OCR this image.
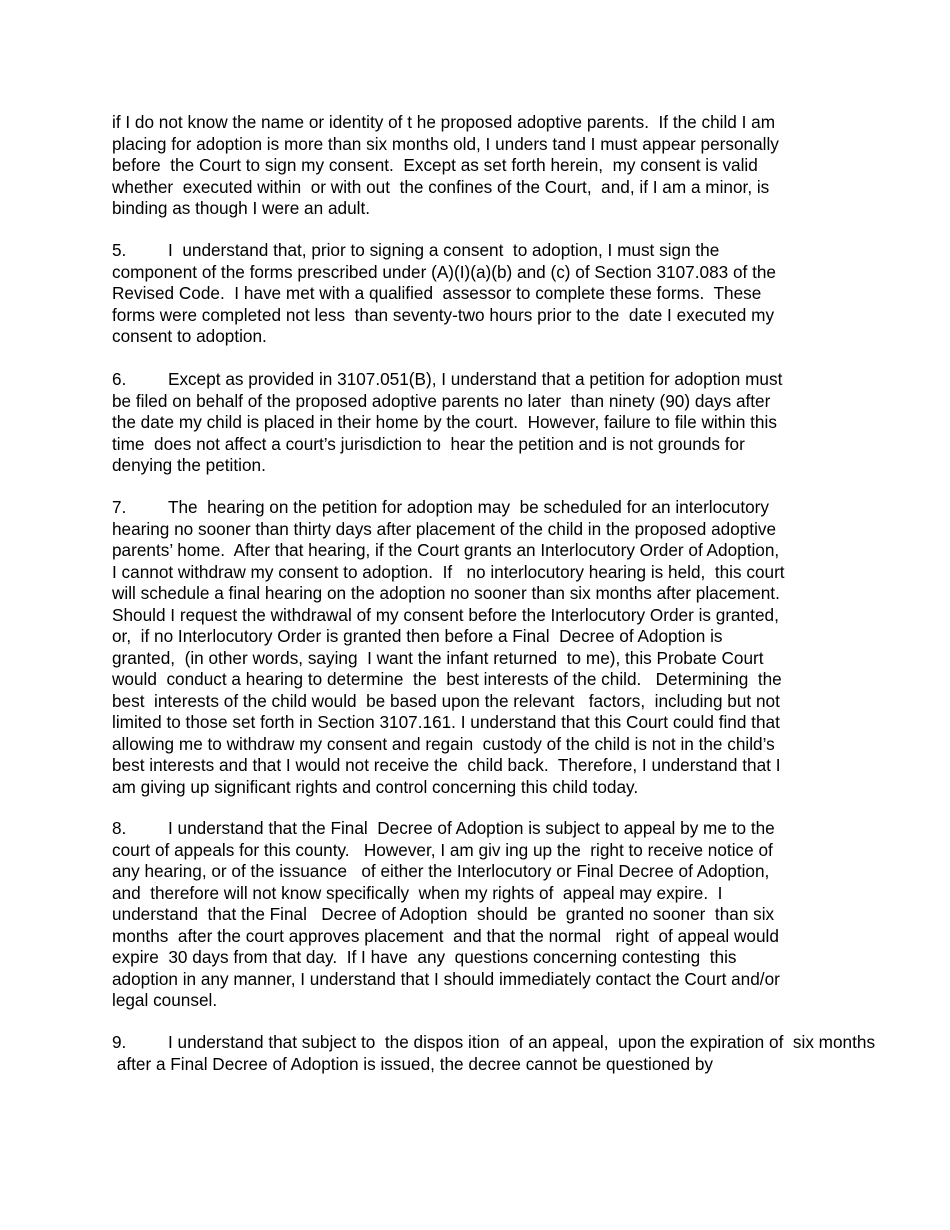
if I do not know the name or identity of t he proposed adoptive parents.  If the child I am
placing for adoption is more than six months old, I unders tand I must appear personally
before  the Court to sign my consent.  Except as set forth herein,  my consent is valid
whether  executed within  or with out  the confines of the Court,  and, if I am a minor, is
binding as though I were an adult.
5. I  understand that, prior to signing a consent  to adoption, I must sign the
component of the forms prescribed under (A)(I)(a)(b) and (c) of Section 3107.083 of the
Revised Code.  I have met with a qualified  assessor to complete these forms.  These
forms were completed not less  than seventy-two hours prior to the  date I executed my
consent to adoption.
6. Except as provided in 3107.051(B), I understand that a petition for adoption must
be filed on behalf of the proposed adoptive parents no later  than ninety (90) days after
the date my child is placed in their home by the court.  However, failure to file within this
time  does not affect a court’s jurisdiction to  hear the petition and is not grounds for
denying the petition.
7. The  hearing on the petition for adoption may  be scheduled for an interlocutory
hearing no sooner than thirty days after placement of the child in the proposed adoptive
parents’ home.  After that hearing, if the Court grants an Interlocutory Order of Adoption,
I cannot withdraw my consent to adoption.  If   no interlocutory hearing is held,  this court
will schedule a final hearing on the adoption no sooner than six months after placement.
Should I request the withdrawal of my consent before the Interlocutory Order is granted,
or,  if no Interlocutory Order is granted then before a Final  Decree of Adoption is
granted,  (in other words, saying  I want the infant returned  to me), this Probate Court
would  conduct a hearing to determine  the  best interests of the child.   Determining  the
best  interests of the child would  be based upon the relevant   factors,  including but not
limited to those set forth in Section 3107.161. I understand that this Court could find that
allowing me to withdraw my consent and regain  custody of the child is not in the child’s
best interests and that I would not receive the  child back.  Therefore, I understand that I
am giving up significant rights and control concerning this child today.
8. I understand that the Final  Decree of Adoption is subject to appeal by me to the
court of appeals for this county.   However, I am giv ing up the  right to receive notice of
any hearing, or of the issuance   of either the Interlocutory or Final Decree of Adoption,
and  therefore will not know specifically  when my rights of  appeal may expire.  I
understand  that the Final   Decree of Adoption  should  be  granted no sooner  than six
months  after the court approves placement  and that the normal   right  of appeal would
expire  30 days from that day.  If I have  any  questions concerning contesting  this
adoption in any manner, I understand that I should immediately contact the Court and/or
legal counsel.
9. I understand that subject to  the dispos ition  of an appeal,  upon the expiration of  six months
after a Final Decree of Adoption is issued, the decree cannot be questioned by
